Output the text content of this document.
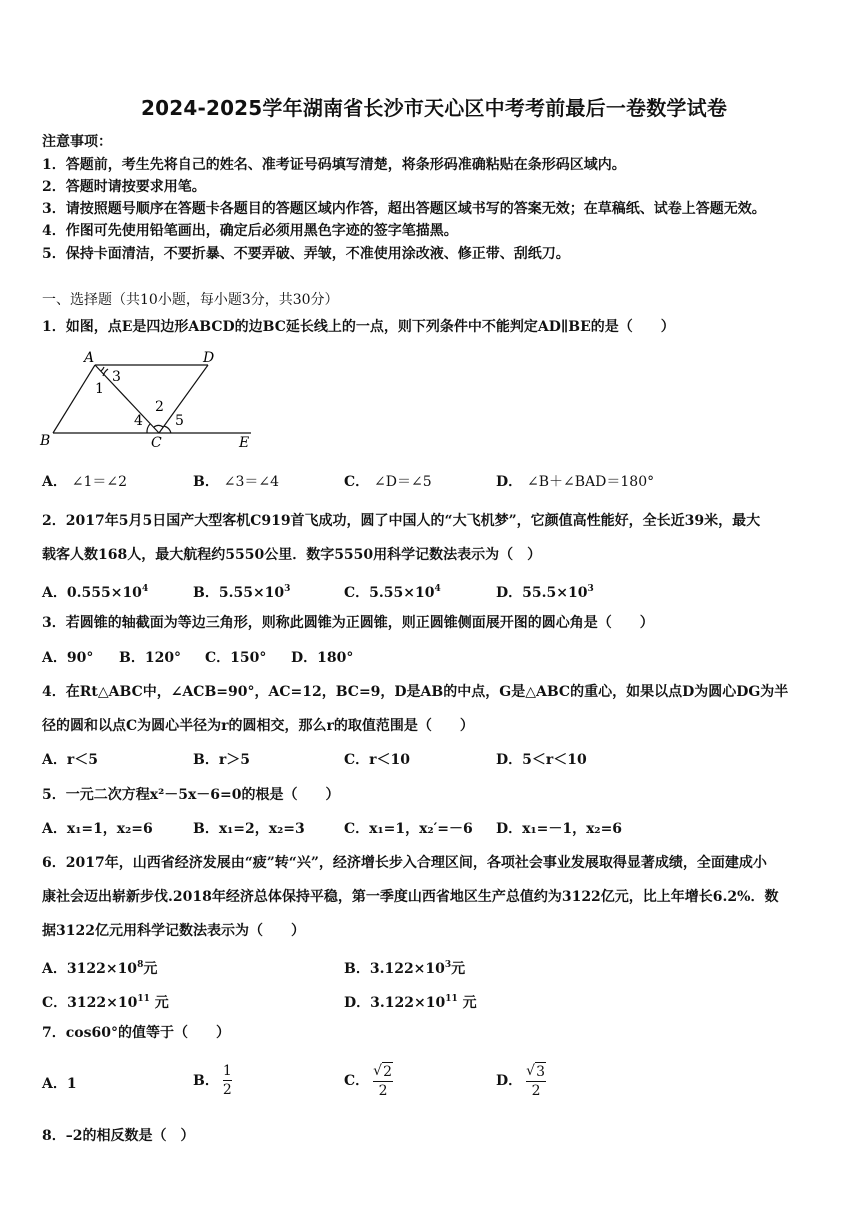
2024-2025学年湖南省长沙市天心区中考考前最后一卷数学试卷
注意事项：
1．答题前，考生先将自己的姓名、准考证号码填写清楚，将条形码准确粘贴在条形码区域内。
2．答题时请按要求用笔。
3．请按照题号顺序在答题卡各题目的答题区域内作答，超出答题区域书写的答案无效；在草稿纸、试卷上答题无效。
4．作图可先使用铅笔画出，确定后必须用黑色字迹的签字笔描黑。
5．保持卡面清洁，不要折暴、不要弄破、弄皱，不准使用涂改液、修正带、刮纸刀。
一、选择题（共10小题，每小题3分，共30分）
1．如图，点E是四边形ABCD的边BC延长线上的一点，则下列条件中不能判定AD∥BE的是（　　）
A	D
B	C	E
1
2
3
4 5
A． ∠1＝∠2	B． ∠3＝∠4	C． ∠D＝∠5	D． ∠B＋∠BAD＝180°
2．2017年5月5日国产大型客机C919首飞成功，圆了中国人的“大飞机梦”，它颜值高性能好，全长近39米，最大
载客人数168人，最大航程约5550公里．数字5550用科学记数法表示为（　）
A．$0.555\times 10^4$	B．$5.55\times 10^3$	C．$5.55\times 10^4$	D．$55.5\times 10^3$
3．若圆锥的轴截面为等边三角形，则称此圆锥为正圆锥，则正圆锥侧面展开图的圆心角是（　　）
A．90° B．120° C．150° D．180°
4．在Rt△ABC中，∠ACB=90°，AC=12，BC=9，D是AB的中点，G是△ABC的重心，如果以点D为圆心DG为半
径的圆和以点C为圆心半径为r的圆相交，那么r的取值范围是（　　）
A．r＜5	B．r＞5	C．r＜10	D．5＜r＜10
5．一元二次方程x²－5x－6=0的根是（　　）
A．x₁=1，x₂=6	B．x₁=2，x₂=3	C．x₁=1，x₂′=－6 D．x₁=－1，x₂=6
6．2017年，山西省经济发展由“疲”转“兴”，经济增长步入合理区间，各项社会事业发展取得显著成绩，全面建成小
康社会迈出崭新步伐.2018年经济总体保持平稳，第一季度山西省地区生产总值约为3122亿元，比上年增长6.2%．数
据3122亿元用科学记数法表示为（　　）
A．$3122\times 10^8$元	B．$3.122\times 10^3$元
C．$3122\times 10^{11}$ 元	D．$3.122\times 10^{11}$ 元
7．cos60°的值等于（　　）
A．1	B． $\frac{1}{2}$	C． $\frac{√ 2}{2}$	D． $\frac{√ 3}{2}$
8．–2的相反数是（　）
